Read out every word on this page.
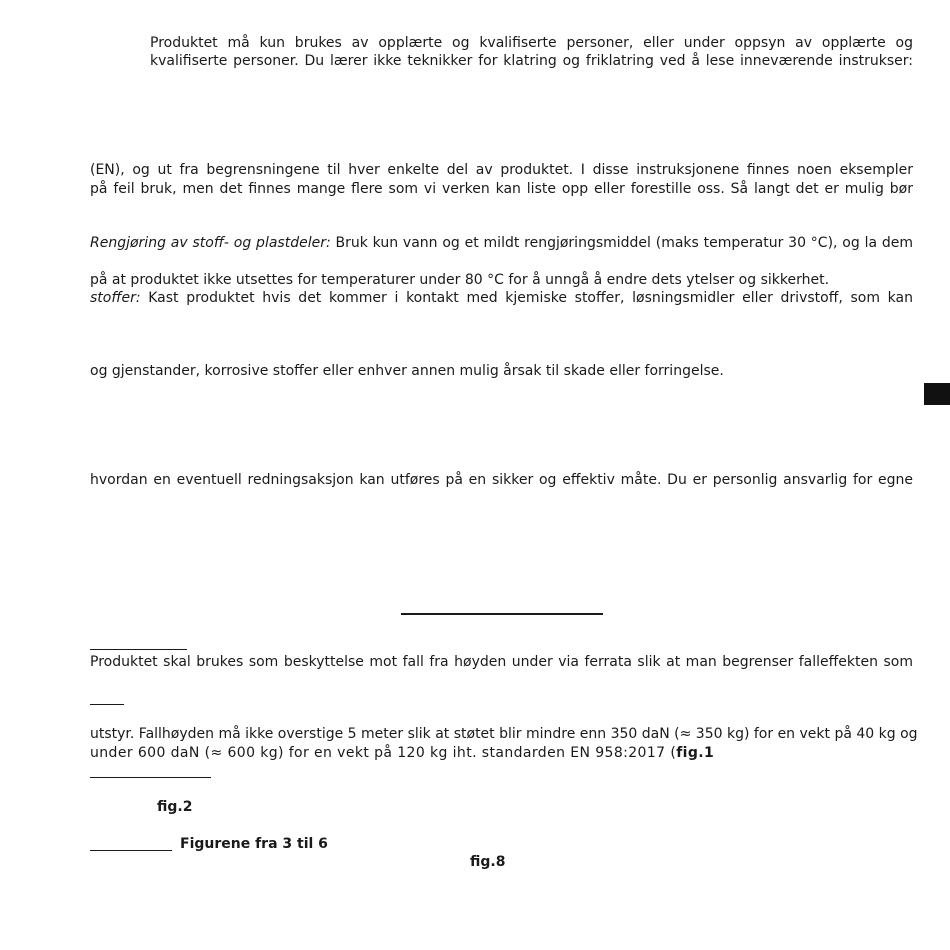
Produktet må kun brukes av opplærte og kvalifiserte personer, eller under oppsyn av opplærte og
kvalifiserte personer. Du lærer ikke teknikker for klatring og friklatring ved å lese inneværende instrukser:
(EN), og ut fra begrensningene til hver enkelte del av produktet. I disse instruksjonene finnes noen eksempler
på feil bruk, men det finnes mange flere som vi verken kan liste opp eller forestille oss. Så langt det er mulig bør
Rengjøring av stoff- og plastdeler: Bruk kun vann og et mildt rengjøringsmiddel (maks temperatur 30 °C), og la dem
på at produktet ikke utsettes for temperaturer under 80 °C for å unngå å endre dets ytelser og sikkerhet.
stoffer: Kast produktet hvis det kommer i kontakt med kjemiske stoffer, løsningsmidler eller drivstoff, som kan
og gjenstander, korrosive stoffer eller enhver annen mulig årsak til skade eller forringelse.
hvordan en eventuell redningsaksjon kan utføres på en sikker og effektiv måte. Du er personlig ansvarlig for egne
Produktet skal brukes som beskyttelse mot fall fra høyden under via ferrata slik at man begrenser falleffekten som
utstyr. Fallhøyden må ikke overstige 5 meter slik at støtet blir mindre enn 350 daN (≈ 350 kg) for en vekt på 40 kg og
under 600 daN (≈ 600 kg) for en vekt på 120 kg iht. standarden EN 958:2017 (fig.1
fig.2
Figurene fra 3 til 6
fig.8
